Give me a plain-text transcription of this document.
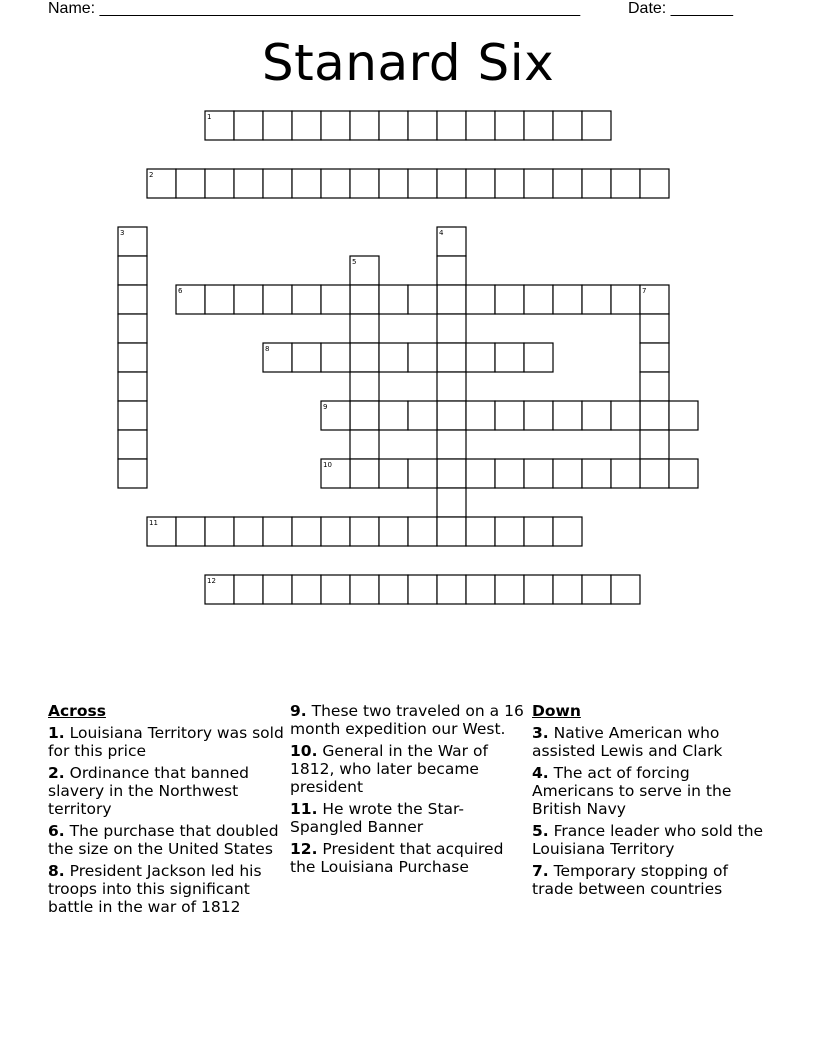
Name: ______________________________________________________	Date: _______
Stanard Six
1
2
3	4
5
6	7
8
9
10
11
12
Across
1. Louisiana Territory was sold for this price
2. Ordinance that banned slavery in the Northwest territory
6. The purchase that doubled the size on the United States
8. President Jackson led his troops into this significant battle in the war of 1812
9. These two traveled on a 16 month expedition our West.
10. General in the War of 1812, who later became president
11. He wrote the Star-Spangled Banner
12. President that acquired the Louisiana Purchase
Down
3. Native American who assisted Lewis and Clark
4. The act of forcing Americans to serve in the British Navy
5. France leader who sold the Louisiana Territory
7. Temporary stopping of trade between countries
